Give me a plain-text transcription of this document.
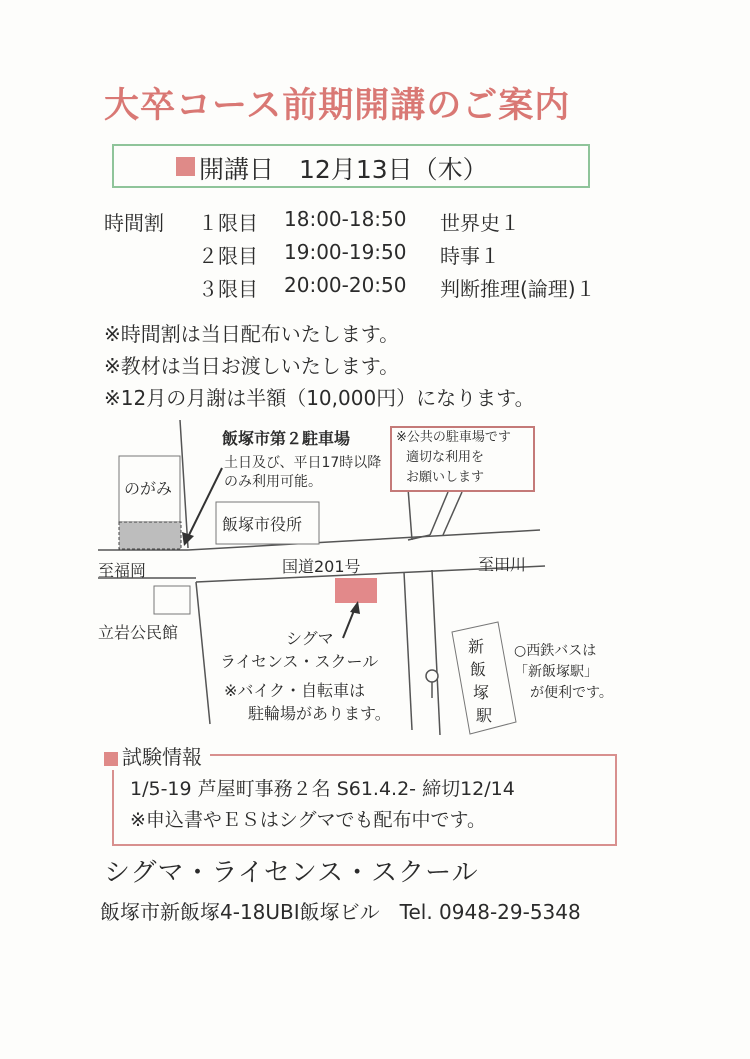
大卒コース前期開講のご案内
開講日　 12月13日（木）
時間割 １限目 18:00-18:50 世界史１
２限目 19:00-19:50 時事１
３限目 20:00-20:50 判断推理(論理)１
※時間割は当日配布いたします。
※教材は当日お渡しいたします。
※12月の月謝は半額（10,000円）になります。
飯塚市第２駐車場
土日及び、平日17時以降
のみ利用可能。
※公共の駐車場です
適切な利用を
お願いします
のがみ
飯塚市役所
国道201号
至福岡	至田川
立岩公民館	シグマ
ライセンス・スクール
※バイク・自転車は
駐輪場があります。
新
飯
塚
駅
○西鉄バスは
「新飯塚駅」
が便利です。
試験情報
1/5-19 芦屋町事務２名 S61.4.2- 締切12/14
※申込書やＥＳはシグマでも配布中です。
シグマ・ライセンス・スクール
飯塚市新飯塚4-18UBI飯塚ビル　 Tel. 0948-29-5348
